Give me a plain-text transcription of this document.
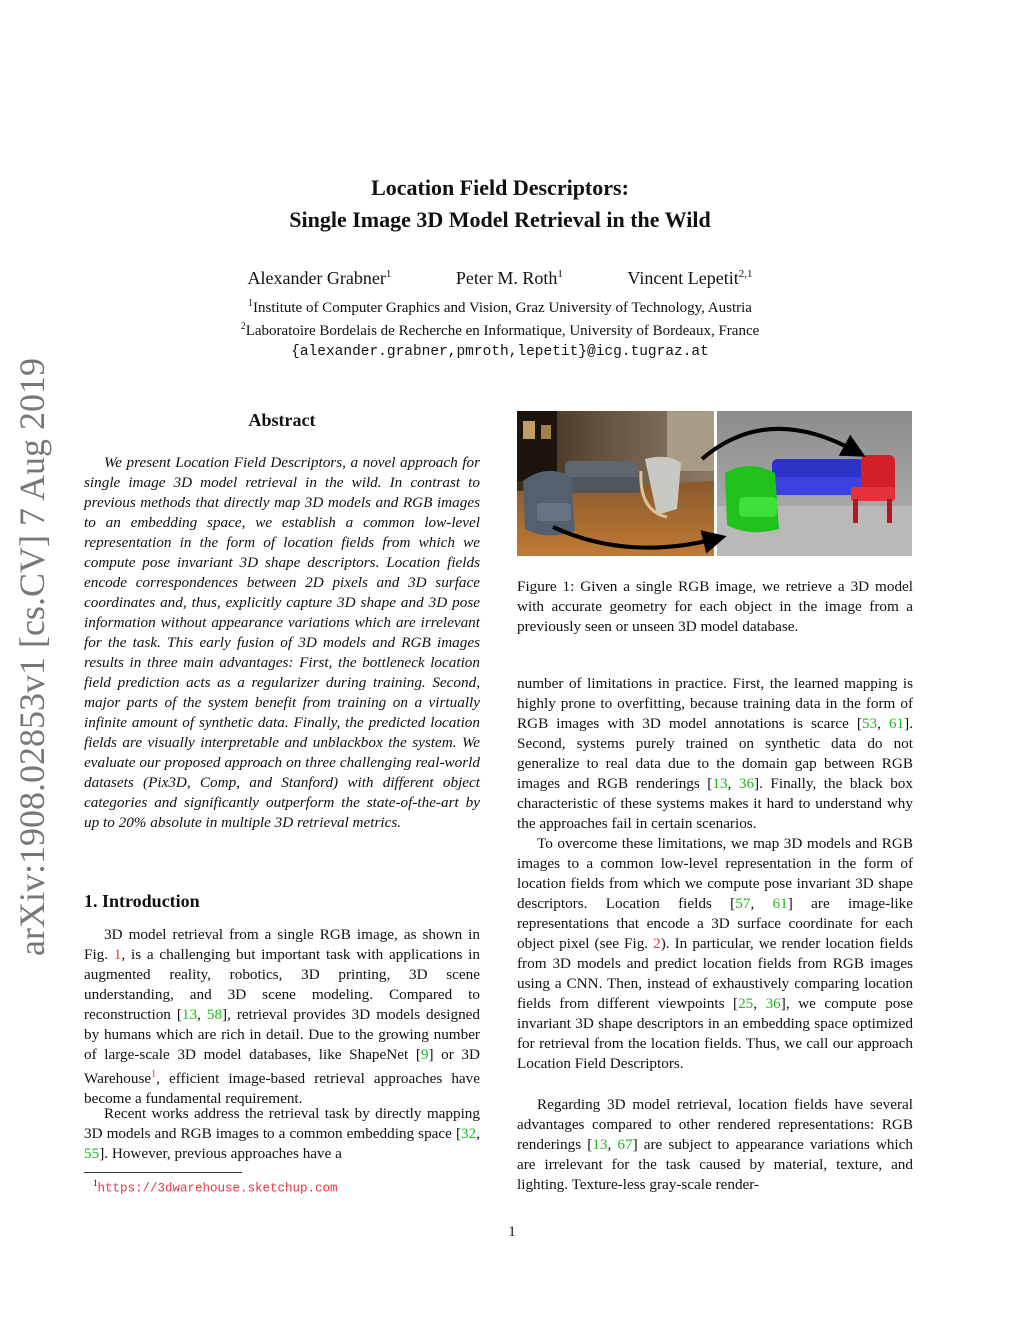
arXiv:1908.02853v1 [cs.CV] 7 Aug 2019
Location Field Descriptors:
Single Image 3D Model Retrieval in the Wild
Alexander Grabner$^1$	Peter M. Roth$^1$	Vincent Lepetit$^{2,1}$
$^1$Institute of Computer Graphics and Vision, Graz University of Technology, Austria
$^2$Laboratoire Bordelais de Recherche en Informatique, University of Bordeaux, France
{alexander.grabner,pmroth,lepetit}@icg.tugraz.at
Abstract
We present Location Field Descriptors, a novel approach for single image 3D model retrieval in the wild. In contrast to previous methods that directly map 3D models and RGB images to an embedding space, we establish a common low-level representation in the form of location fields from which we compute pose invariant 3D shape descriptors. Location fields encode correspondences between 2D pixels and 3D surface coordinates and, thus, explicitly capture 3D shape and 3D pose information without appearance variations which are irrelevant for the task. This early fusion of 3D models and RGB images results in three main advantages: First, the bottleneck location field prediction acts as a regularizer during training. Second, major parts of the system benefit from training on a virtually infinite amount of synthetic data. Finally, the predicted location fields are visually interpretable and unblackbox the system. We evaluate our proposed approach on three challenging real-world datasets (Pix3D, Comp, and Stanford) with different object categories and significantly outperform the state-of-the-art by up to 20% absolute in multiple 3D retrieval metrics.
1. Introduction
3D model retrieval from a single RGB image, as shown in Fig. 1, is a challenging but important task with applications in augmented reality, robotics, 3D printing, 3D scene understanding, and 3D scene modeling. Compared to reconstruction [13, 58], retrieval provides 3D models designed by humans which are rich in detail. Due to the growing number of large-scale 3D model databases, like ShapeNet [9] or 3D Warehouse$^1$, efficient image-based retrieval approaches have become a fundamental requirement.
Recent works address the retrieval task by directly mapping 3D models and RGB images to a common embedding space [32, 55]. However, previous approaches have a
$^1$https://3dwarehouse.sketchup.com
Figure 1: Given a single RGB image, we retrieve a 3D model with accurate geometry for each object in the image from a previously seen or unseen 3D model database.
number of limitations in practice. First, the learned mapping is highly prone to overfitting, because training data in the form of RGB images with 3D model annotations is scarce [53, 61]. Second, systems purely trained on synthetic data do not generalize to real data due to the domain gap between RGB images and RGB renderings [13, 36]. Finally, the black box characteristic of these systems makes it hard to understand why the approaches fail in certain scenarios.
To overcome these limitations, we map 3D models and RGB images to a common low-level representation in the form of location fields from which we compute pose invariant 3D shape descriptors. Location fields [57, 61] are image-like representations that encode a 3D surface coordinate for each object pixel (see Fig. 2). In particular, we render location fields from 3D models and predict location fields from RGB images using a CNN. Then, instead of exhaustively comparing location fields from different viewpoints [25, 36], we compute pose invariant 3D shape descriptors in an embedding space optimized for retrieval from the location fields. Thus, we call our approach Location Field Descriptors.
Regarding 3D model retrieval, location fields have several advantages compared to other rendered representations: RGB renderings [13, 67] are subject to appearance variations which are irrelevant for the task caused by material, texture, and lighting. Texture-less gray-scale render-
1
